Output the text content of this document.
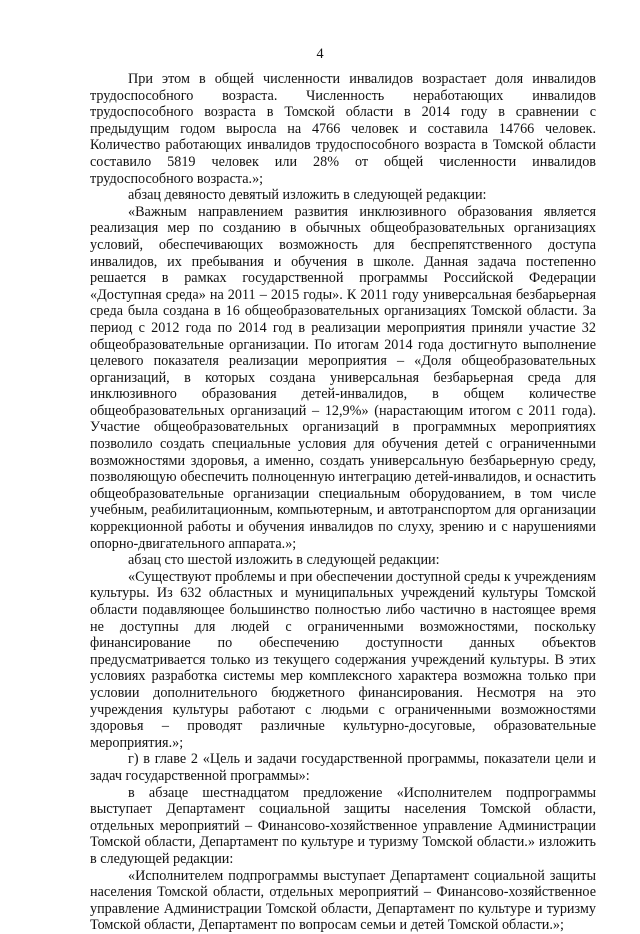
4

При этом в общей численности инвалидов возрастает доля инвалидов трудоспособного возраста. Численность неработающих инвалидов трудоспособного возраста в Томской области в 2014 году в сравнении с предыдущим годом выросла на 4766 человек и составила 14766 человек. Количество работающих инвалидов трудоспособного возраста в Томской области составило 5819 человек или 28% от общей численности инвалидов трудоспособного возраста.»;

абзац девяносто девятый изложить в следующей редакции:

«Важным направлением развития инклюзивного образования является реализация мер по созданию в обычных общеобразовательных организациях условий, обеспечивающих возможность для беспрепятственного доступа инвалидов, их пребывания и обучения в школе. Данная задача постепенно решается в рамках государственной программы Российской Федерации «Доступная среда» на 2011 – 2015 годы». К 2011 году универсальная безбарьерная среда была создана в 16 общеобразовательных организациях Томской области. За период с 2012 года по 2014 год в реализации мероприятия приняли участие 32 общеобразовательные организации. По итогам 2014 года достигнуто выполнение целевого показателя реализации мероприятия – «Доля общеобразовательных организаций, в которых создана универсальная безбарьерная среда для инклюзивного образования детей-инвалидов, в общем количестве общеобразовательных организаций – 12,9%» (нарастающим итогом с 2011 года). Участие общеобразовательных организаций в программных мероприятиях позволило создать специальные условия для обучения детей с ограниченными возможностями здоровья, а именно, создать универсальную безбарьерную среду, позволяющую обеспечить полноценную интеграцию детей-инвалидов, и оснастить общеобразовательные организации специальным оборудованием, в том числе учебным, реабилитационным, компьютерным, и автотранспортом для организации коррекционной работы и обучения инвалидов по слуху, зрению и с нарушениями опорно-двигательного аппарата.»;

абзац сто шестой изложить в следующей редакции:

«Существуют проблемы и при обеспечении доступной среды к учреждениям культуры. Из 632 областных и муниципальных учреждений культуры Томской области подавляющее большинство полностью либо частично в настоящее время не доступны для людей с ограниченными возможностями, поскольку финансирование по обеспечению доступности данных объектов предусматривается только из текущего содержания учреждений культуры. В этих условиях разработка системы мер комплексного характера возможна только при условии дополнительного бюджетного финансирования. Несмотря на это учреждения культуры работают с людьми с ограниченными возможностями здоровья – проводят различные культурно-досуговые, образовательные мероприятия.»;

г) в главе 2 «Цель и задачи государственной программы, показатели цели и задач государственной программы»:

в абзаце шестнадцатом предложение «Исполнителем подпрограммы выступает Департамент социальной защиты населения Томской области, отдельных мероприятий – Финансово-хозяйственное управление Администрации Томской области, Департамент по культуре и туризму Томской области.» изложить в следующей редакции:

«Исполнителем подпрограммы выступает Департамент социальной защиты населения Томской области, отдельных мероприятий – Финансово-хозяйственное управление Администрации Томской области, Департамент по культуре и туризму Томской области, Департамент по вопросам семьи и детей Томской области.»;
